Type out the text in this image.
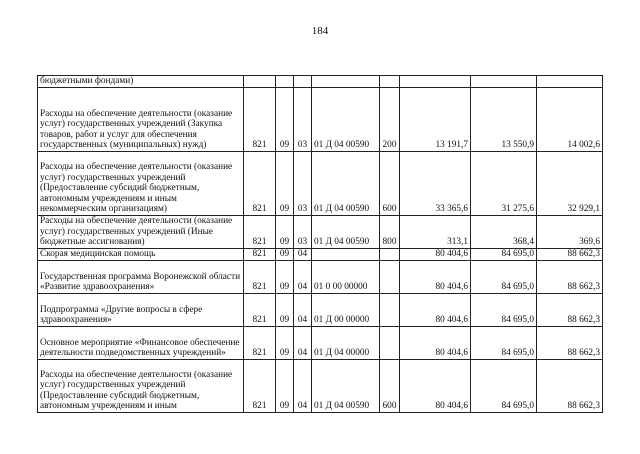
184
бюджетными фондами)								
Расходы на обеспечение деятельности (оказание услуг) государственных учреждений (Закупка товаров, работ и услуг для обеспечения государственных (муниципальных) нужд)	821	09	03	01 Д 04 00590	200	13 191,7	13 550,9	14 002,6
Расходы на обеспечение деятельности (оказание услуг) государственных учреждений (Предоставление субсидий бюджетным, автономным учреждениям и иным некоммерческим организациям)	821	09	03	01 Д 04 00590	600	33 365,6	31 275,6	32 929,1
Расходы на обеспечение деятельности (оказание услуг) государственных учреждений (Иные бюджетные ассигнования)	821	09	03	01 Д 04 00590	800	313,1	368,4	369,6
Скорая медицинская помощь	821	09	04			80 404,6	84 695,0	88 662,3
Государственная программа Воронежской области «Развитие здравоохранения»	821	09	04	01 0 00 00000		80 404,6	84 695,0	88 662,3
Подпрограмма «Другие вопросы в сфере здравоохранения»	821	09	04	01 Д 00 00000		80 404,6	84 695,0	88 662,3
Основное мероприятие «Финансовое обеспечение деятельности подведомственных учреждений»	821	09	04	01 Д 04 00000		80 404,6	84 695,0	88 662,3
Расходы на обеспечение деятельности (оказание услуг) государственных учреждений (Предоставление субсидий бюджетным, автономным учреждениям и иным	821	09	04	01 Д 04 00590	600	80 404,6	84 695,0	88 662,3
